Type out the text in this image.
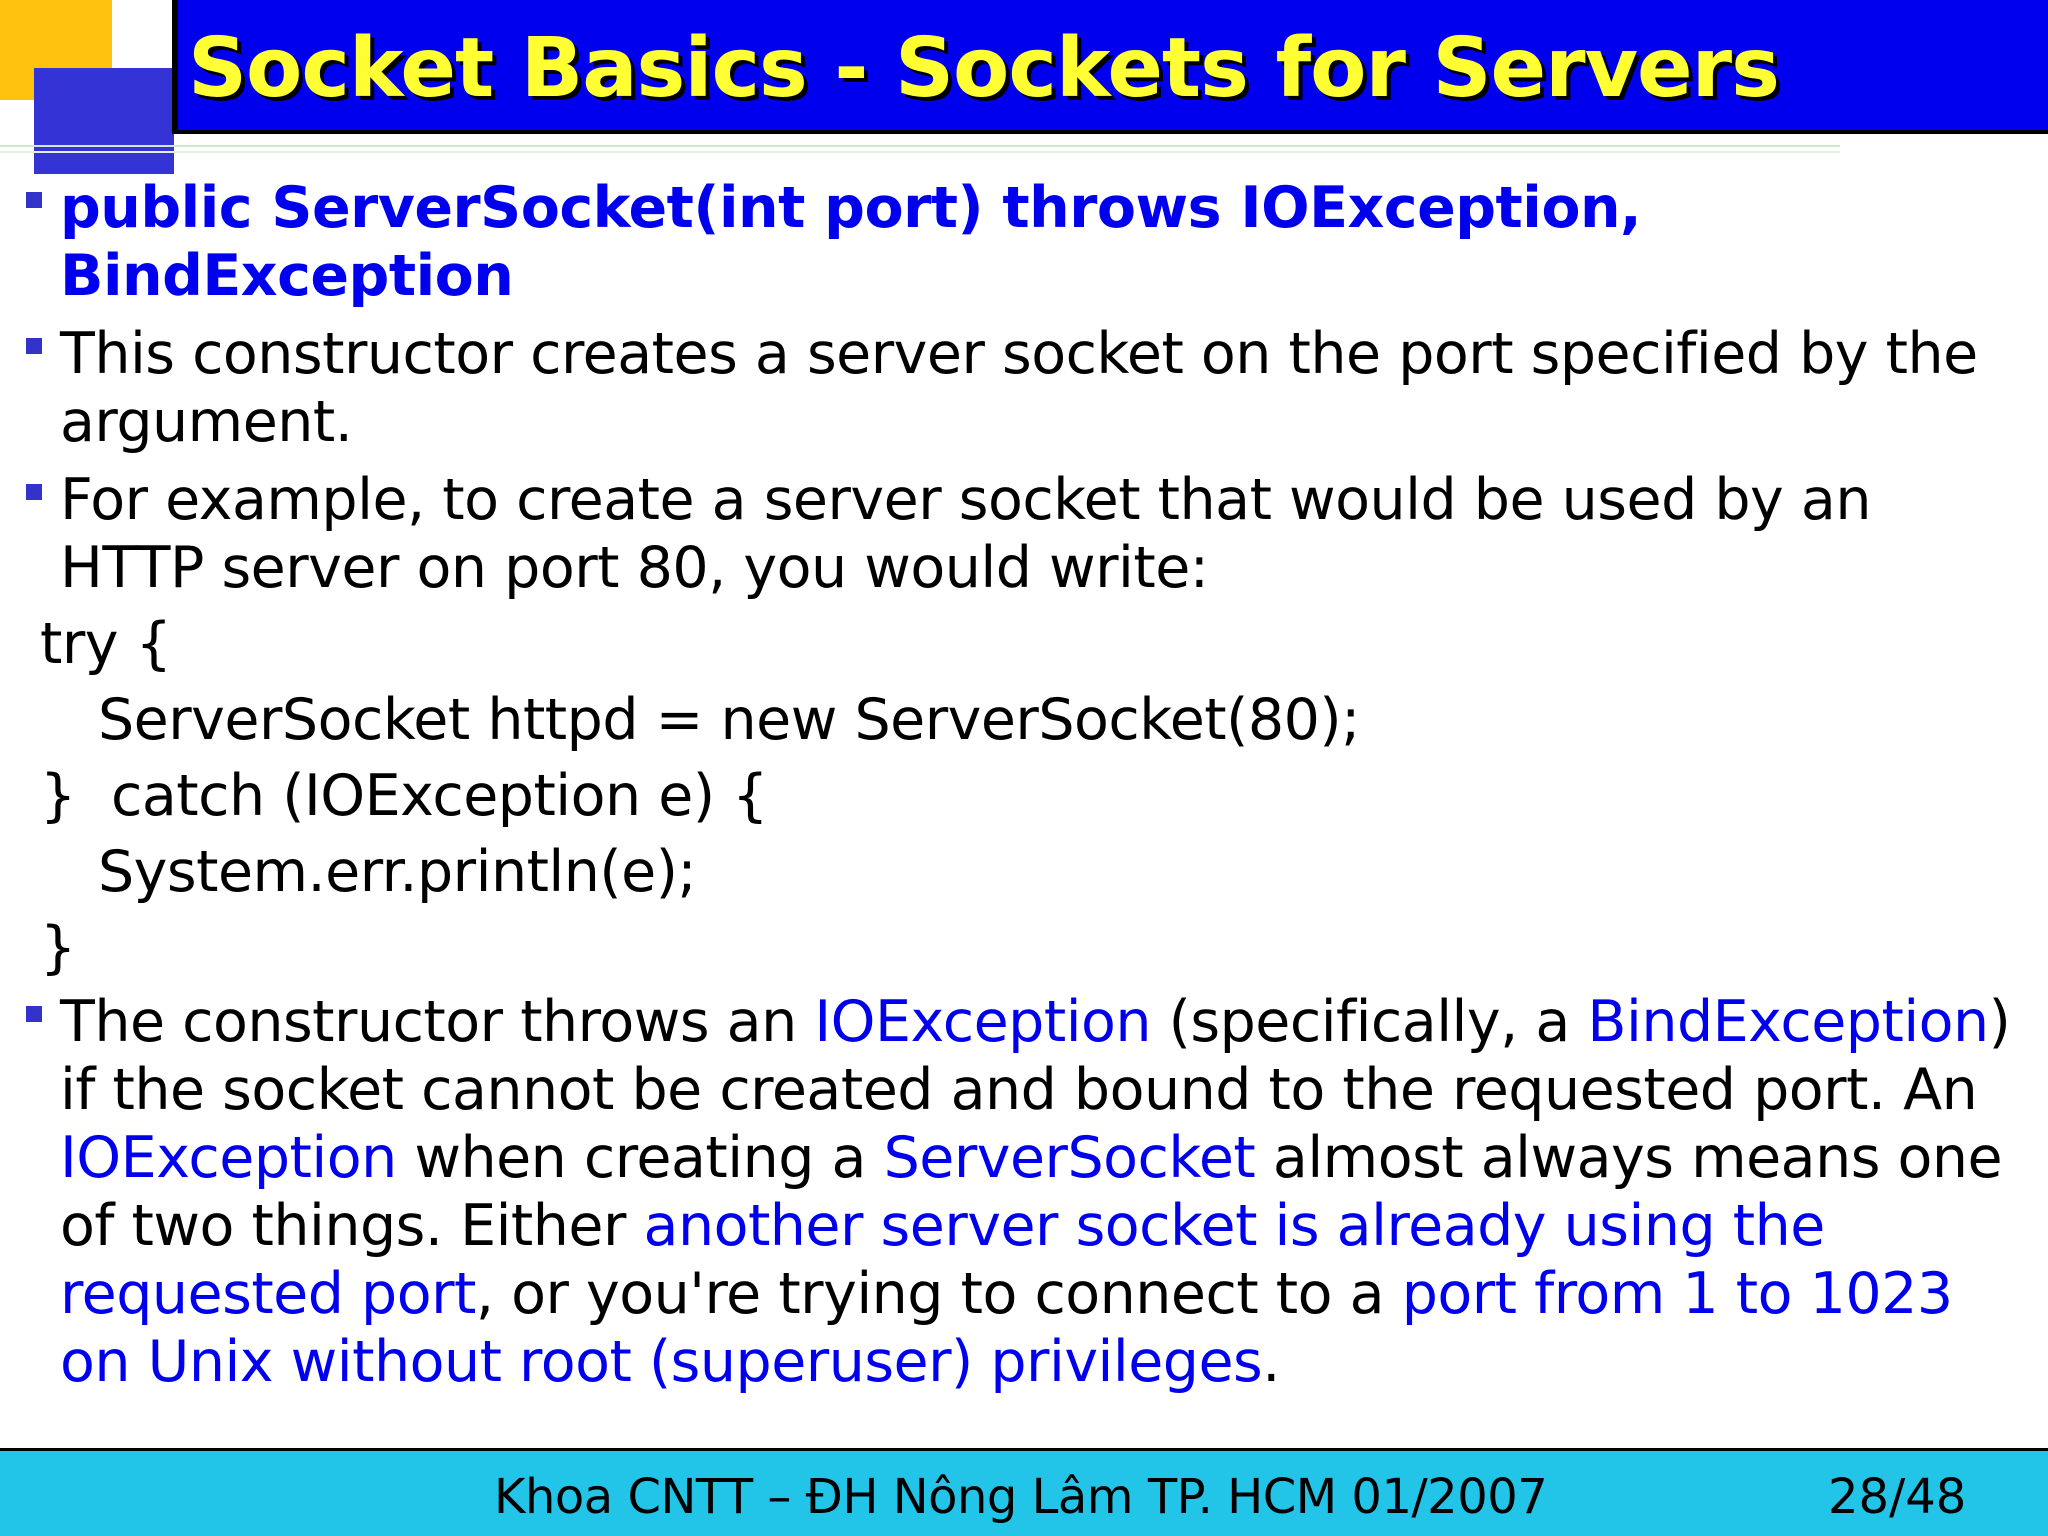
Socket Basics - Sockets for Servers
public ServerSocket(int port) throws IOException, BindException
This constructor creates a server socket on the port specified by the argument.
For example, to create a server socket that would be used by an HTTP server on port 80, you would write:
try {
ServerSocket httpd = new ServerSocket(80);
}  catch (IOException e) {
System.err.println(e);
}
The constructor throws an IOException (specifically, a BindException) if the socket cannot be created and bound to the requested port. An IOException when creating a ServerSocket almost always means one of two things. Either another server socket is already using the requested port, or you're trying to connect to a port from 1 to 1023 on Unix without root (superuser) privileges.
Khoa CNTT – ĐH Nông Lâm TP. HCM 01/2007	28/48
